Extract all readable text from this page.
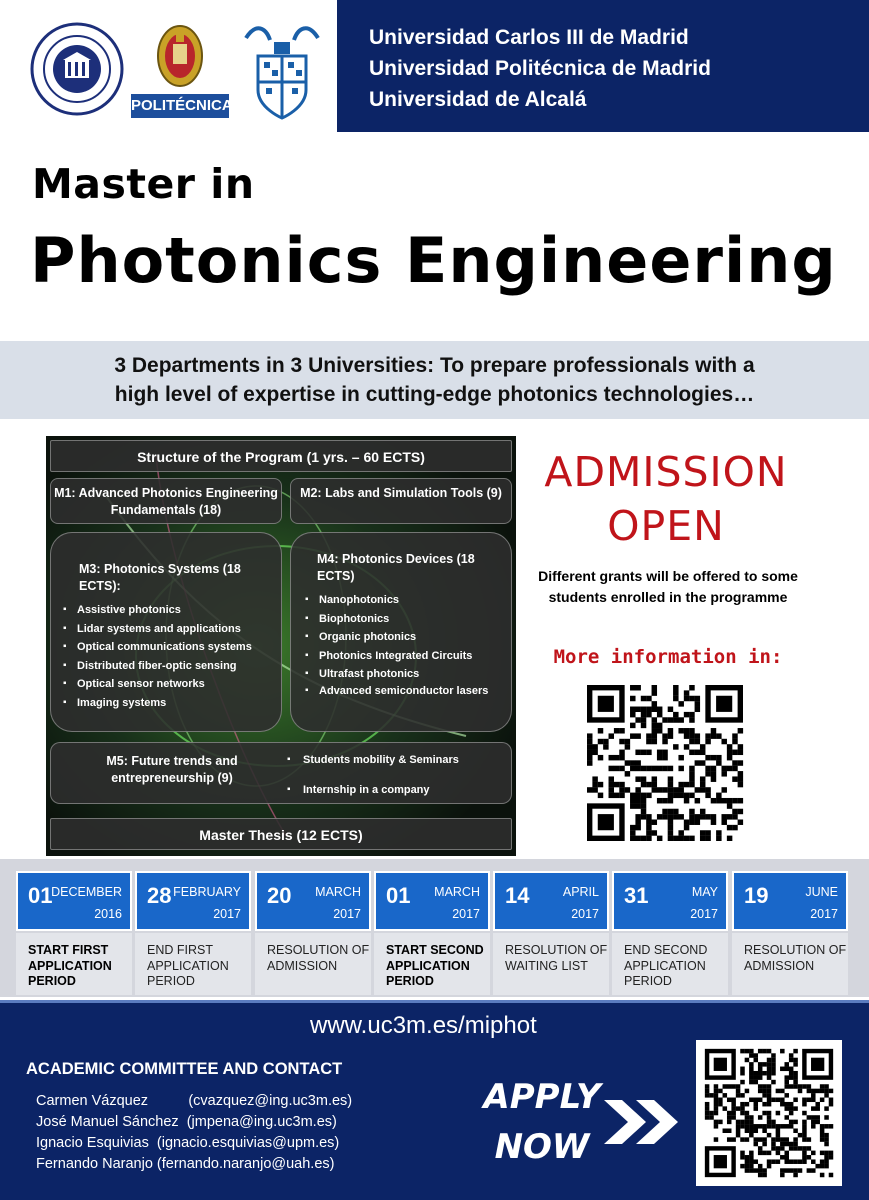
POLITÉCNICA
Universidad Carlos III de Madrid
Universidad Politécnica de Madrid
Universidad de Alcalá
Master in
Photonics Engineering
3 Departments in 3 Universities: To prepare professionals with a
high level of expertise in cutting-edge photonics technologies…
Structure of the Program (1 yrs. – 60 ECTS)
M1: Advanced Photonics Engineering Fundamentals (18)
M2: Labs and Simulation Tools (9)
M3: Photonics Systems (18 ECTS):
▪ Assistive photonics
▪ Lidar systems and applications
▪ Optical communications systems
▪ Distributed fiber-optic sensing
▪ Optical sensor networks
▪ Imaging systems
M4: Photonics Devices (18 ECTS)
▪ Nanophotonics
▪ Biophotonics
▪ Organic photonics
▪ Photonics Integrated Circuits
▪ Ultrafast photonics
▪ Advanced semiconductor lasers
M5: Future trends and entrepreneurship (9)
▪ Students mobility & Seminars
▪ Internship in a company
Master Thesis (12 ECTS)
ADMISSION
OPEN
Different grants will be offered to some students enrolled in the programme
More information in:
01
DECEMBER
2016
START FIRST APPLICATION PERIOD
28 FEBRUARY
2017
END FIRST APPLICATION PERIOD
20 MARCH
2017
RESOLUTION OF ADMISSION
01 MARCH
2017
START SECOND APPLICATION PERIOD
14	APRIL
2017
RESOLUTION OF WAITING LIST
31	MAY
2017
END SECOND APPLICATION PERIOD
19	JUNE
2017
RESOLUTION OF ADMISSION
www.uc3m.es/miphot
ACADEMIC COMMITTEE AND CONTACT
Carmen Vázquez          (cvazquez@ing.uc3m.es)
José Manuel Sánchez  (jmpena@ing.uc3m.es)
Ignacio Esquivias  (ignacio.esquivias@upm.es)
Fernando Naranjo (fernando.naranjo@uah.es)
APPLY
NOW
